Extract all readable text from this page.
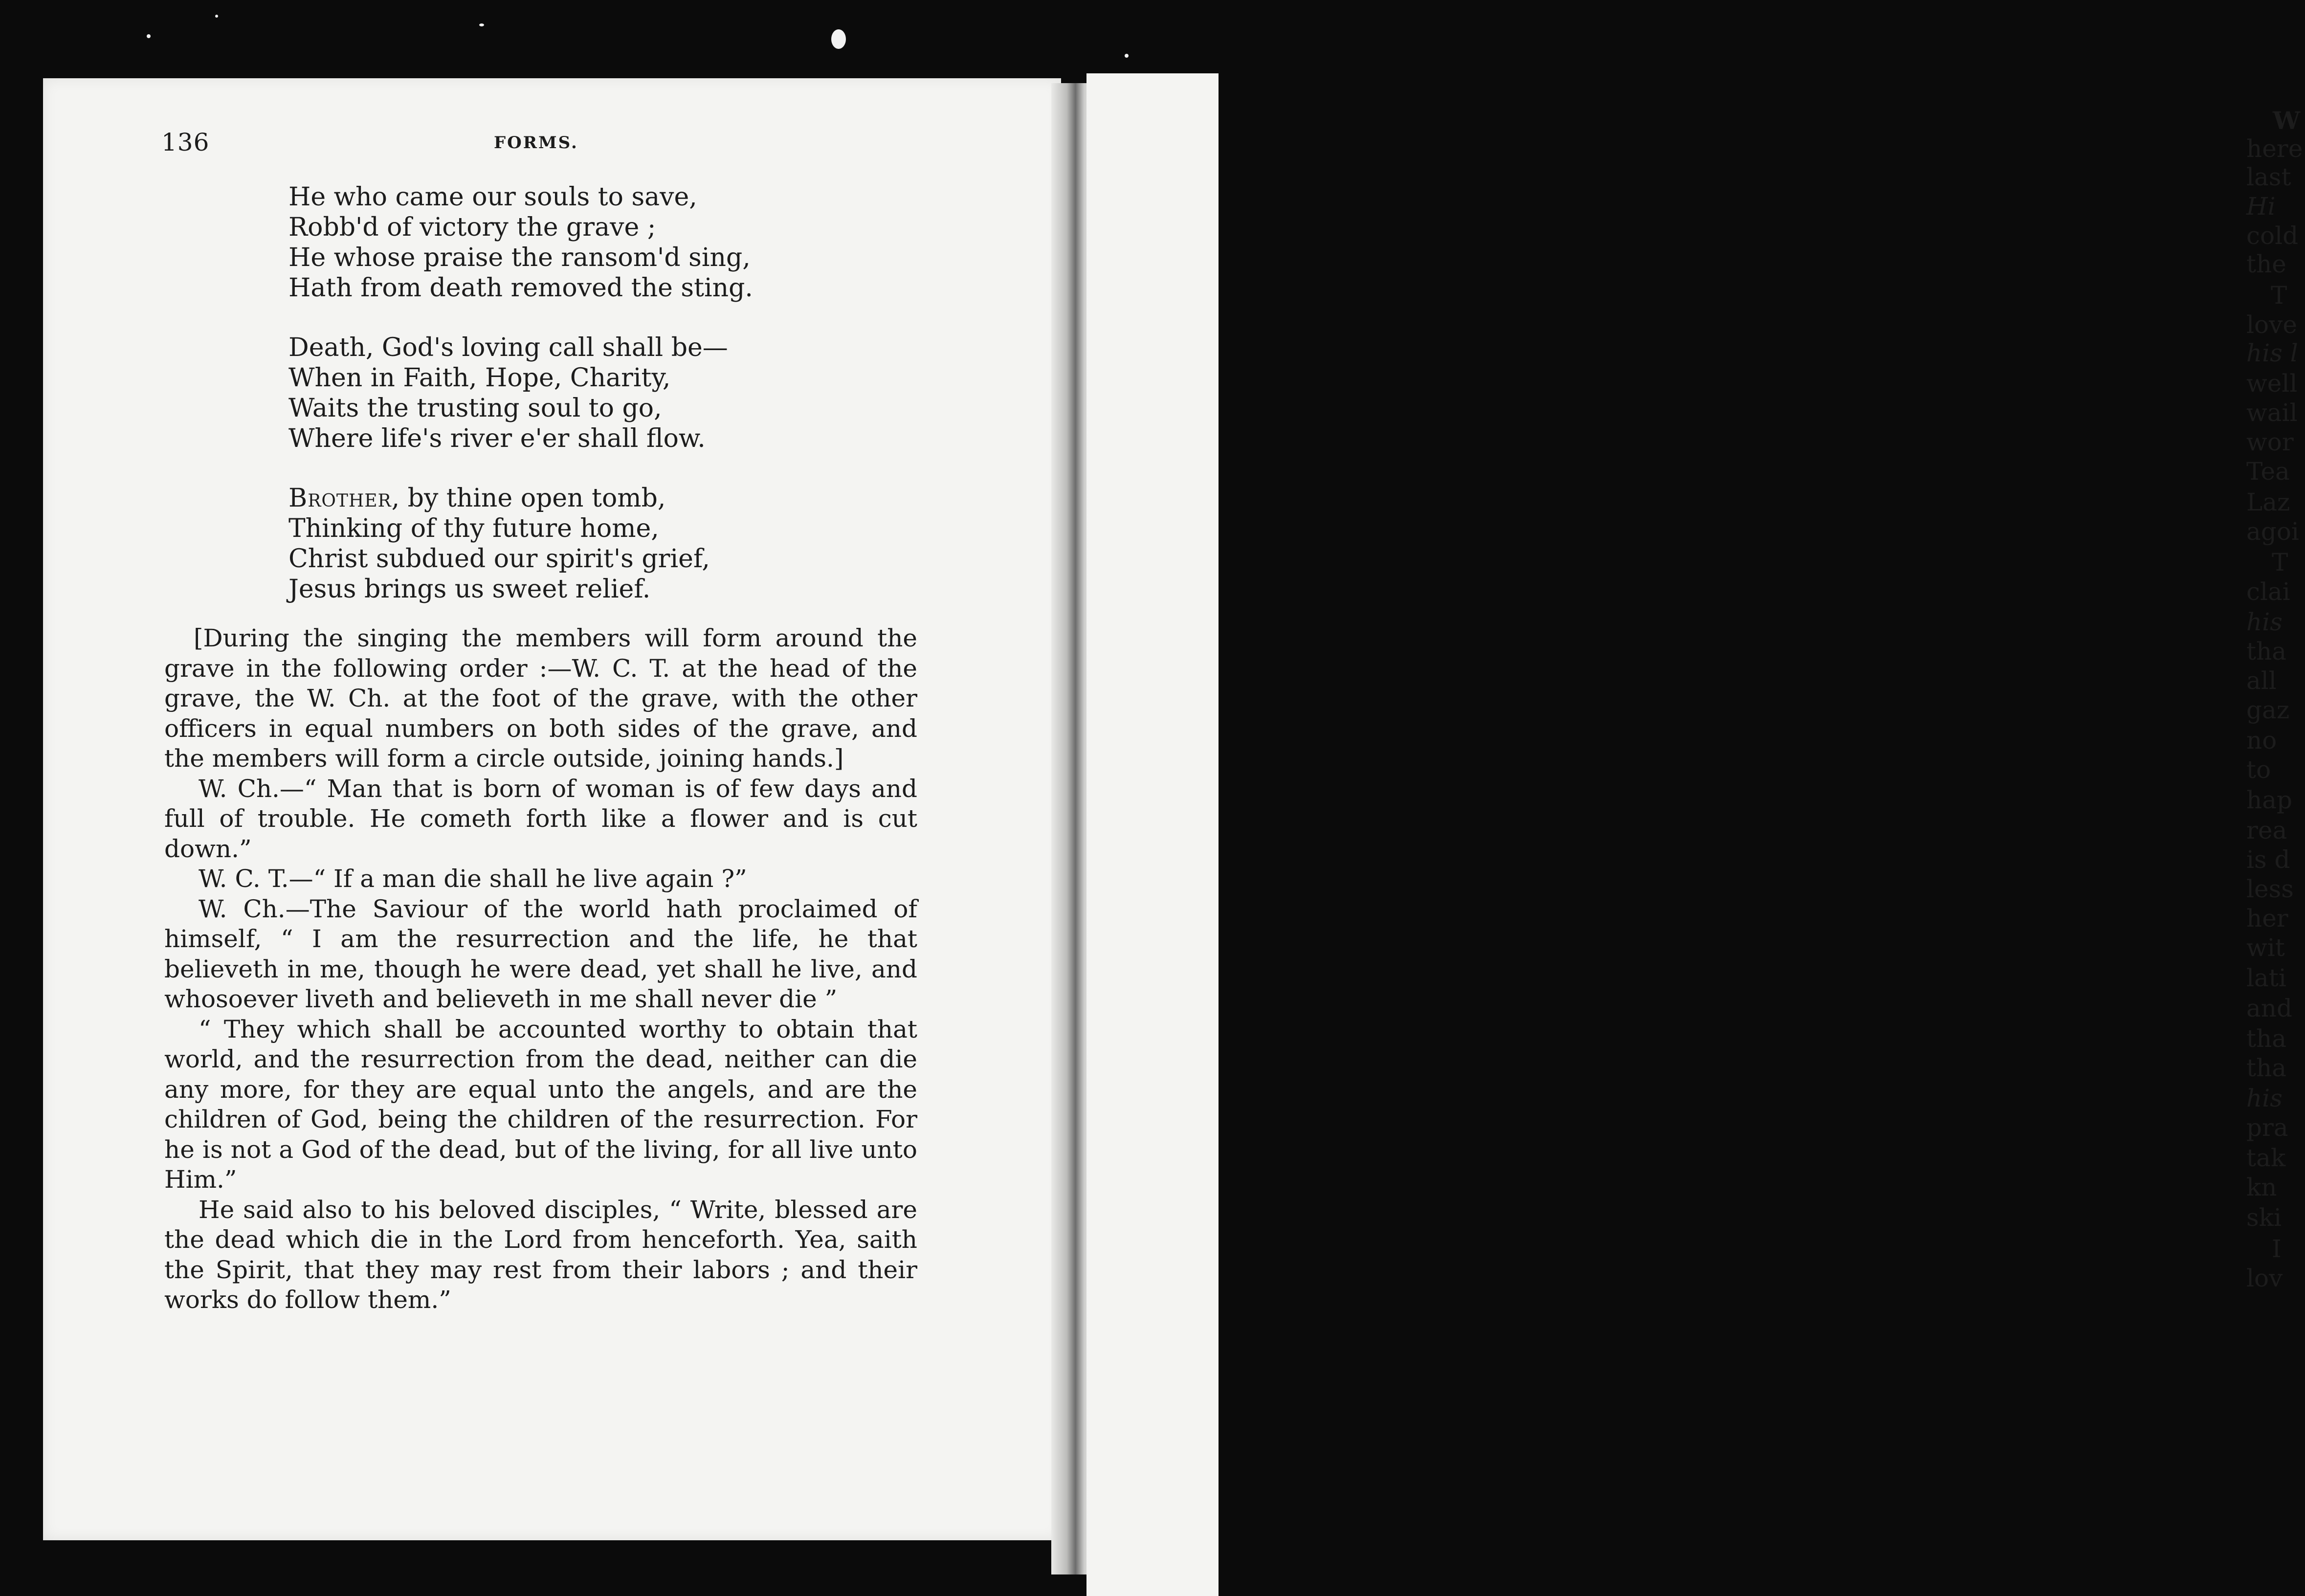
W
here
last
Hi
cold
the
T
love
his l
well
wail
wor
Tea
Laz
agoi
T
clai
his
tha
all
gaz
no
to
hap
rea
is d
less
her
wit
lati
and
tha
tha
his
pra
tak
kn
ski
I
lov
136	FORMS.
He who came our souls to save,
Robb'd of victory the grave ;
He whose praise the ransom'd sing,
Hath from death removed the sting.
Death, God's loving call shall be—
When in Faith, Hope, Charity,
Waits the trusting soul to go,
Where life's river e'er shall flow.
Brother, by thine open tomb,
Thinking of thy future home,
Christ subdued our spirit's grief,
Jesus brings us sweet relief.

[During the singing the members will form around the grave in the following order :—W. C. T. at the head of the grave, the W. Ch. at the foot of the grave, with the other officers in equal numbers on both sides of the grave, and the members will form a circle outside, joining hands.]

W. Ch.—“ Man that is born of woman is of few days and full of trouble. He cometh forth like a flower and is cut down.”

W. C. T.—“ If a man die shall he live again ?”

W. Ch.—The Saviour of the world hath proclaimed of himself, “ I am the resurrection and the life, he that believeth in me, though he were dead, yet shall he live, and whosoever liveth and believeth in me shall never die ”

“ They which shall be accounted worthy to obtain that world, and the resurrection from the dead, neither can die any more, for they are equal unto the angels, and are the children of God, being the children of the resurrection. For he is not a God of the dead, but of the living, for all live unto Him.”

He said also to his beloved disciples, “ Write, blessed are the dead which die in the Lord from henceforth. Yea, saith the Spirit, that they may rest from their labors ; and their works do follow them.”
